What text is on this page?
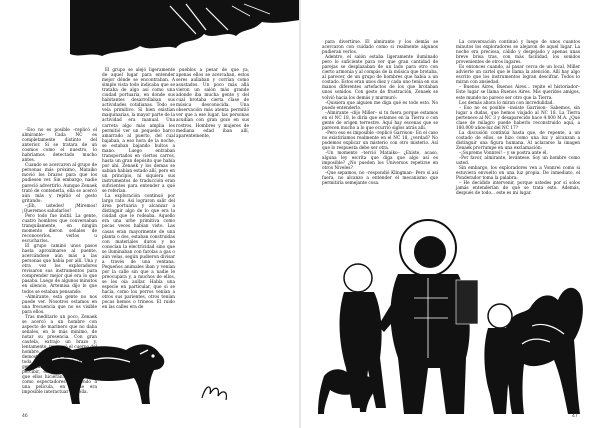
–Eso no es posible –replicó el almirante– Cada NC es completamente distinto del anterior. Si se tratara de un cosmos como el nuestro, lo habríamos detectado mucho antes.

Cuando se acercaron al grupo de personas más próximo, Mataiko movió los brazos para que los pudiesen ver. Sin embargo, nadie pareció advertirlo. Aunque Zenaek trató de contenerla, ella se acercó aún más y repitió el gesto gritando:

–¡Eh, ustedes! ¡Miremos! ¡Queremos saludarlos!

Pero todo fue inútil. La gente, cuatro hombres que conversaban tranquilamente, en ningún momento dieron señales de reconocerlos, verlos u escucharlos.

El grupo caminó unos pasos hasta aproximarse al puente, acercándose aún más a las personas que había por allí. Una y otra vez los exploradores revisaron sus instrumentos para comprender mejor qué era lo que pasaba. Luego de algunos minutos en silencio, Artemisa dijo lo que todos se estaban pensando:

–Almirante, esta gente no nos puede ver. Nosotros estamos en una frecuencia que no es visible para ellos.

Tras meditarlo un poco, Zenaek se acercó a un hombre con aspecto de marinero que no daba señales, en lo más mínimo, de notar su presencia. Con gran cautela, extrajo un brazo y, lentamente, traspasó el cuerpo del hombre. Un nuevo intento demostró bien a las claras que toda comunicación sería inútil. Lo gente de aquel lugar no podía percibir, en modo alguno, nada que ellos hicieran. Eran algo así como espectadores asistiendo a una película, en donde era imposible interactuar con ella.

El grupo se alejó ligeramente de aquel lugar para entender mejor dónde se encontraban. A simple vista todo indicaba que se trataba de algo así como una ciudad portuaria, en donde sus habitantes desarrollaban sus actividades cotidianas. Todo se veía primitivo. Si bien existían maquinarias, la mayor parte de la actividad era manual. Una carreta algo más amplia les permitió ver un pequeño barco amarrado al puerto, del cual bajaban, a eso hora de la noche, se estaban bajando bultos a mano. Luego entraban transportados en ciertos carros, hasta un gran depósito que había por ahí. Zenaek y los demas se sabían habían estado allí, pero en un principio, ni siquiera sus instrumentos de traducción eran suficientes para entender a qué se referían.

La exploración continuó por largo rato. Así lograron salir del área portuaria y alcanzar a distinguir algo de lo que era la ciudad que le rodeaba. Aquello era una urbe primitiva como pocas veces habían visto. Las casas eran mayormente de una planta o dos, estaban construidas con materiales duros y no conocían la electricidad sino que se iluminaban con farolas a gas o aún velas, según pudieron divisar a través de una ventana. Pequeños animales iban y venían por la calle sin que a nadie le preocupara y, a muchos de ellos, se les oía aullar. Había una especie en particular, que si se hacía, como los perros venían a otros sus parientes, otros tenían pocas hemos o trineos. El ruido en las calles era de

pueblos a pesar de que ya, apenas ellos se acercaban, estos seres aullaban y corrían como asustados. Un poco más allá vieron un salón más grande adonde iba mucha gente y del cual brotaba cierta clase de música desconocida. Una observación más atenta permitió ver que a ese lugar, las personas acudían con gran gozo en sus rostros. Hombres y mujeres de mediana edad iban allí, aparentemente,

46

para divertirse. El almirante y los demás se acercaron con cuidado como si realmente algunos pudieran verlos.

Adentro, el salón estaba ligeramente iluminado pero lo suficiente para ver que gran cantidad de parejas se desplazaban de un lado para otro con cierto armonía y al compás de la música que brotaba, al parecer, de un grupo de hombres que había a un costado. Estos eran unos diez y cada uno tenía en sus manos diferentes artefactos de los que brotaban unos sonidos. Con gesto de frustración, Zenaek se volvió hacia los demás y murmuró:

–Quisiera que alguien me diga qué es todo esto. No puedo entenderlo.

–Almirante –dijo Miller– si tu fuera porque estamos en el NC 18, le diría que estamos en la Tierra o con gente de origen terrestre. Aquí hay escenas que se parecen mucho a lo que ocurrió siglos atrás allí.

–Pero eso es imposible –replicó Garrison– En el caso no existiríamos realmente en el NC 18, ¿verdad? No podemos explicar un misterio con otro misterio. Así que lo respuesta debe ser otra.

–Un momento –terció Mataiko– ¿Existe, acaso, alguna ley escrita que diga que algo así es imposible? ¿No pueden los Universos repetirse en otros Niveles?

–Que sepamos, no –respondió Klingman– Pero sí así fuera, no alcanzo a entender el mecanismo que permitiría semejante cosa.

La conversación continuó y luego de unos cuantos minutos los exploradores se alejaron de aquel lugar. La noche era preciosa, cálido y despejado y apenas unas breve brisa tras, con más facilidad, los sonidos provenientes de otros lugares.

Es entonces cuando, al pasar cerca de un local, Miller advierte un cartel que le llama la atención. Allí hay algo escrito que los instrumentos logran descifrar. Todos lo miran con ansiedad.

– Buenos Aires, Buenos Aires... repite el historiador– Este lugar se llama Buenos Aires. Mis queridos amigos, este mundo no parece ser otro que la Tierra.

Los demás ahora lo miran con incredulidad.

– Eso no es posible –insiste Garrison– Sabemos, sin lugar a dudas, que hemos viajado al NC 18. La Tierra pertenece al NC 3 y desaparecido hace 4.000 M.A. ¿Qué clase de milagro puede haberlo reconstruido aquí, a 180.000 años-luz del NC 17?

La discusión continúa hasta que, de repente, a un costado de ellos, se hizo como una luz y alcanzan a distinguir una figura humana. Al aclararse la imagen Zenaek prorrumpe en una exclamación:

–¡Supremo Vonnrei! – y se postra ante él.

–Por favor, almirante, levántese. Soy un hombre como usted.

Sin embargo, los exploradores ven a Vonnrei como si estuviera envuelto en una luz propia. De inmediato, el Ponderador toma la palabra:

– He decidido intervenir, porque ustedes por sí solos jamás entenderían de qué se trata esto. Además, después de todo... este es mi lugar.

47
